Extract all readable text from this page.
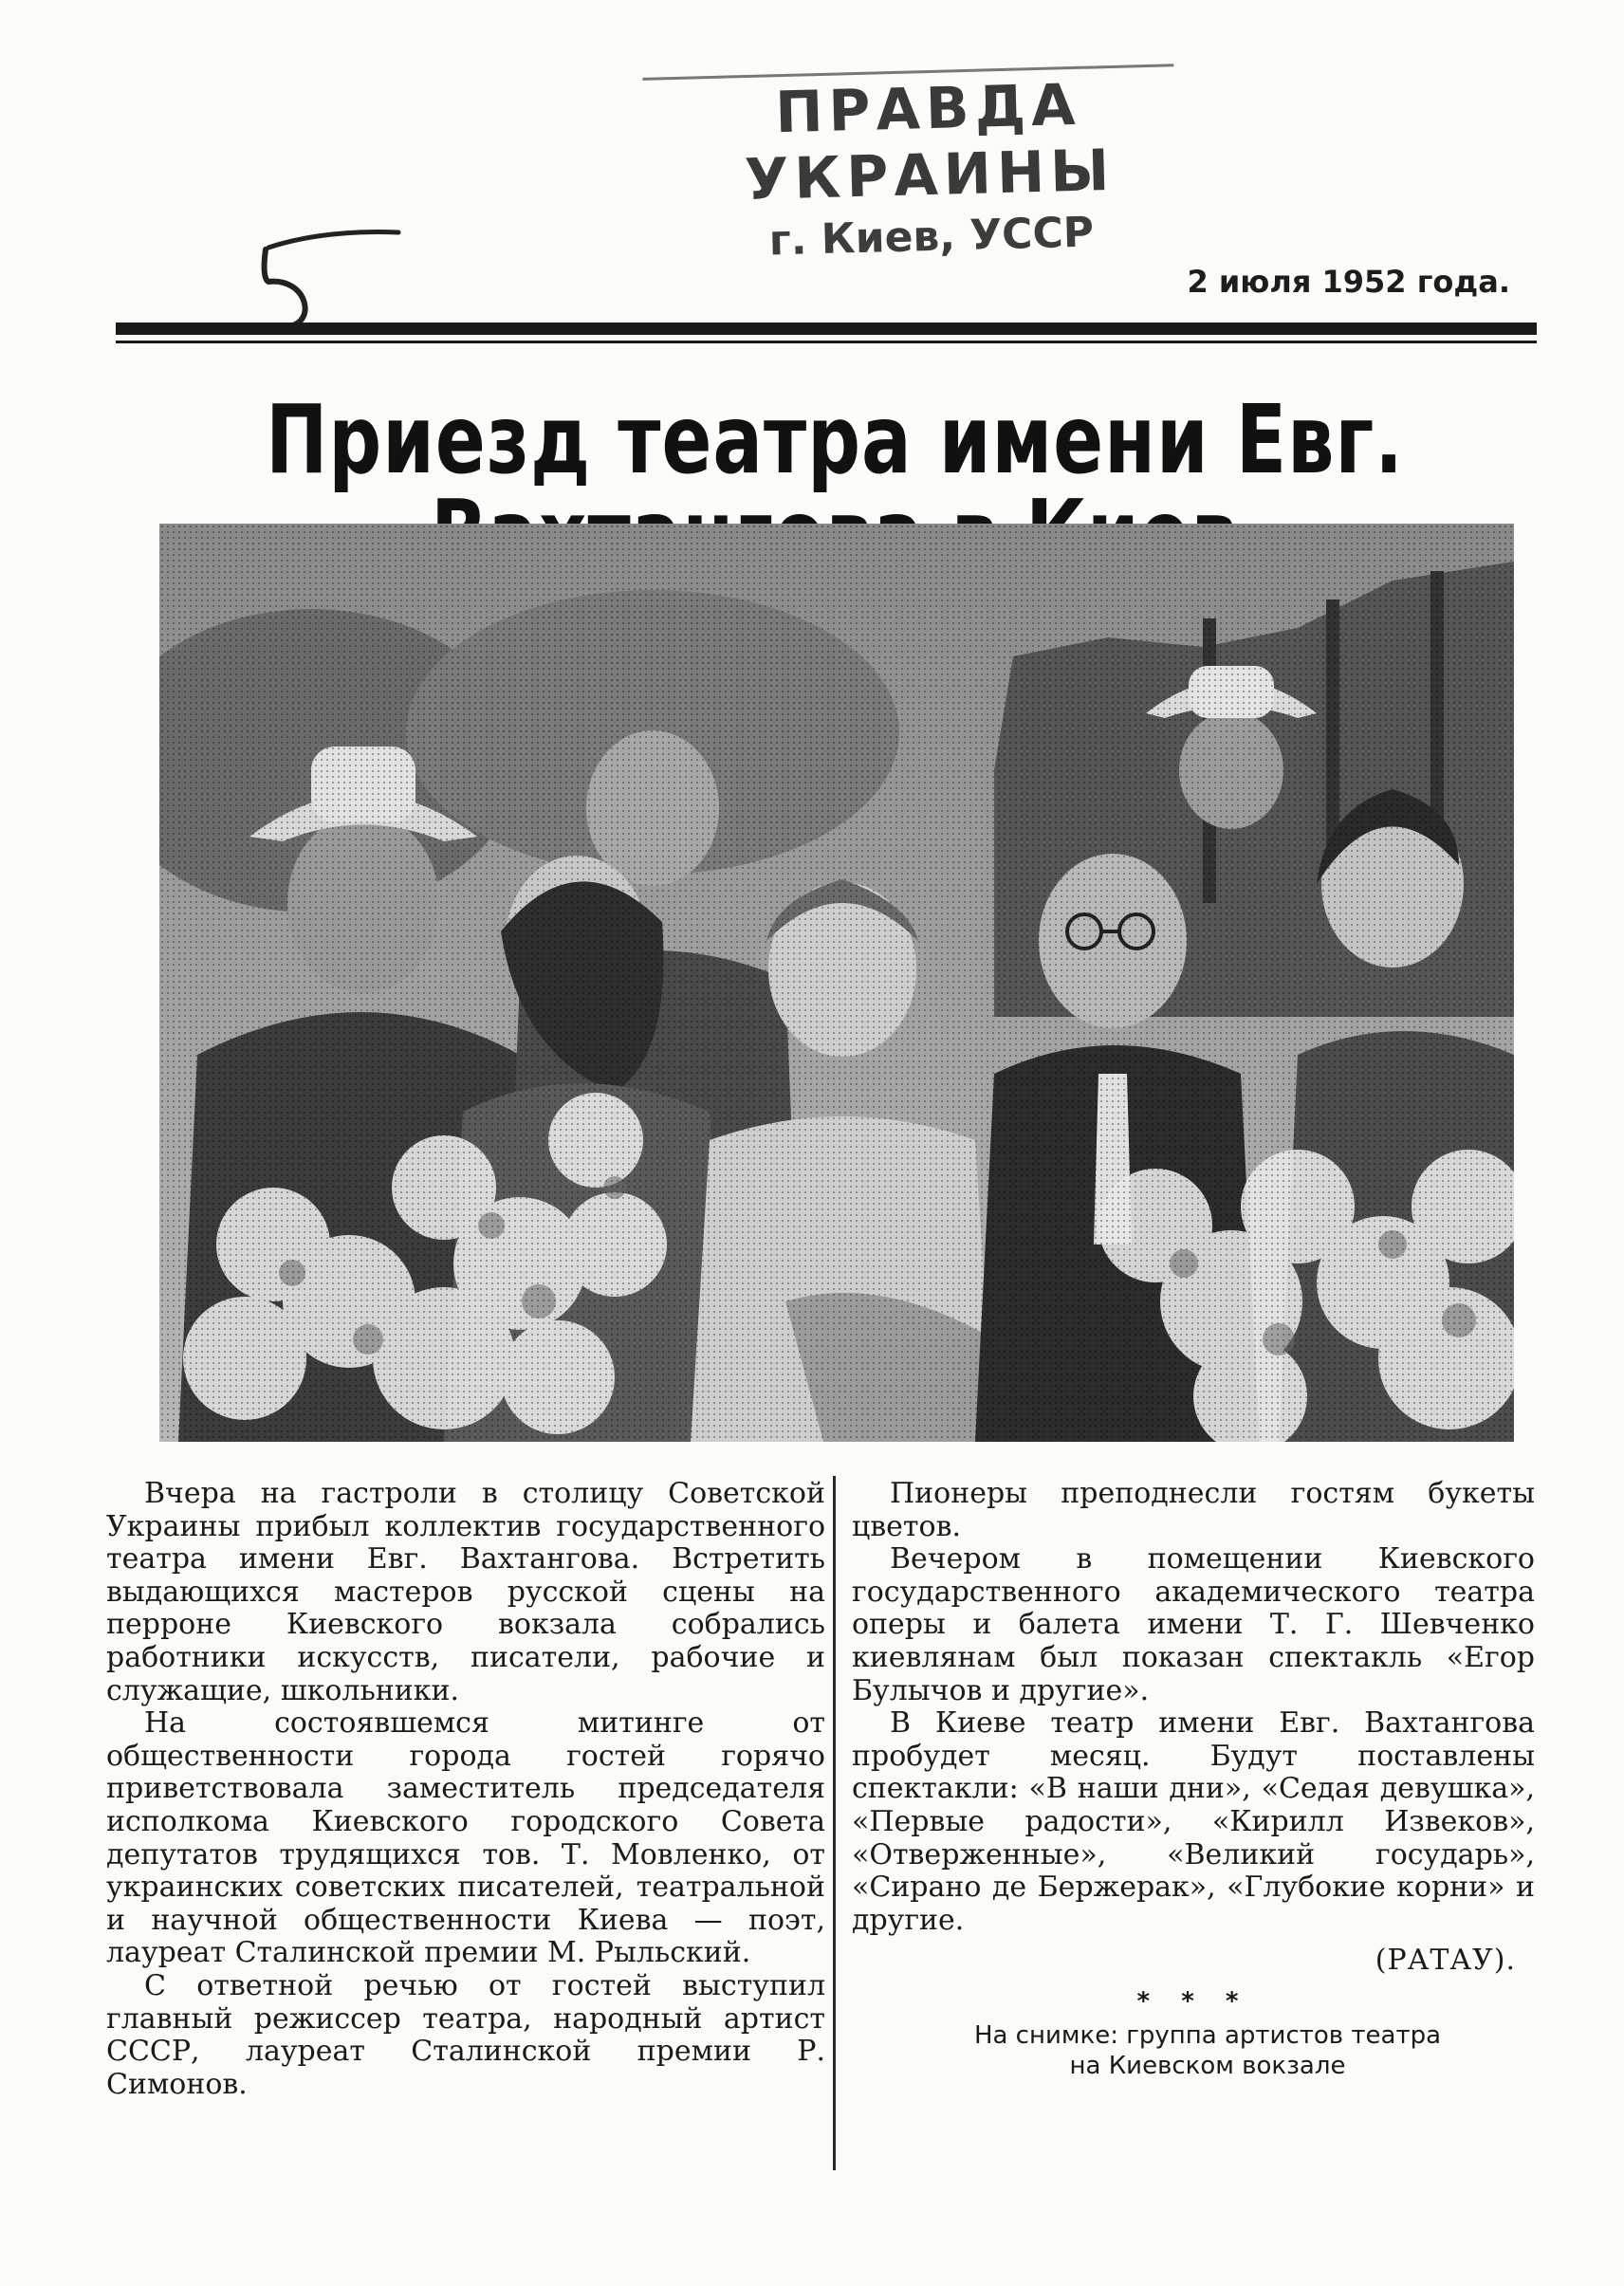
ПРАВДА УКРАИНЫ
г. Киев, УССР
2 июля 1952 года.
Приезд театра имени Евг.

Вчера на гастроли в столицу Советской Украины прибыл коллектив государственного театра имени Евг. Вахтангова. Встретить выдающихся мастеров русской сцены на перроне Киевского вокзала собрались работники искусств, писатели, рабочие и служащие, школьники.

На состоявшемся митинге от общественности города гостей горячо приветствовала заместитель председателя исполкома Киевского городского Совета депутатов трудящихся тов. Т. Мовленко, от украинских советских писателей, театральной и научной общественности Киева — поэт, лауреат Сталинской премии М. Рыльский.

С ответной речью от гостей выступил главный режиссер театра, народный артист СССР, лауреат Сталинской премии Р. Симонов.

Пионеры преподнесли гостям букеты цветов.

Вечером в помещении Киевского государственного академического театра оперы и балета имени Т. Г. Шевченко киевлянам был показан спектакль «Егор Булычов и другие».

В Киеве театр имени Евг. Вахтангова пробудет месяц. Будут поставлены спектакли: «В наши дни», «Седая девушка», «Первые радости», «Кирилл Извеков», «Отверженные», «Великий государь», «Сирано де Бержерак», «Глубокие корни» и другие.

(РАТАУ).
* * *
На снимке: группа артистов театра
на Киевском вокзале
